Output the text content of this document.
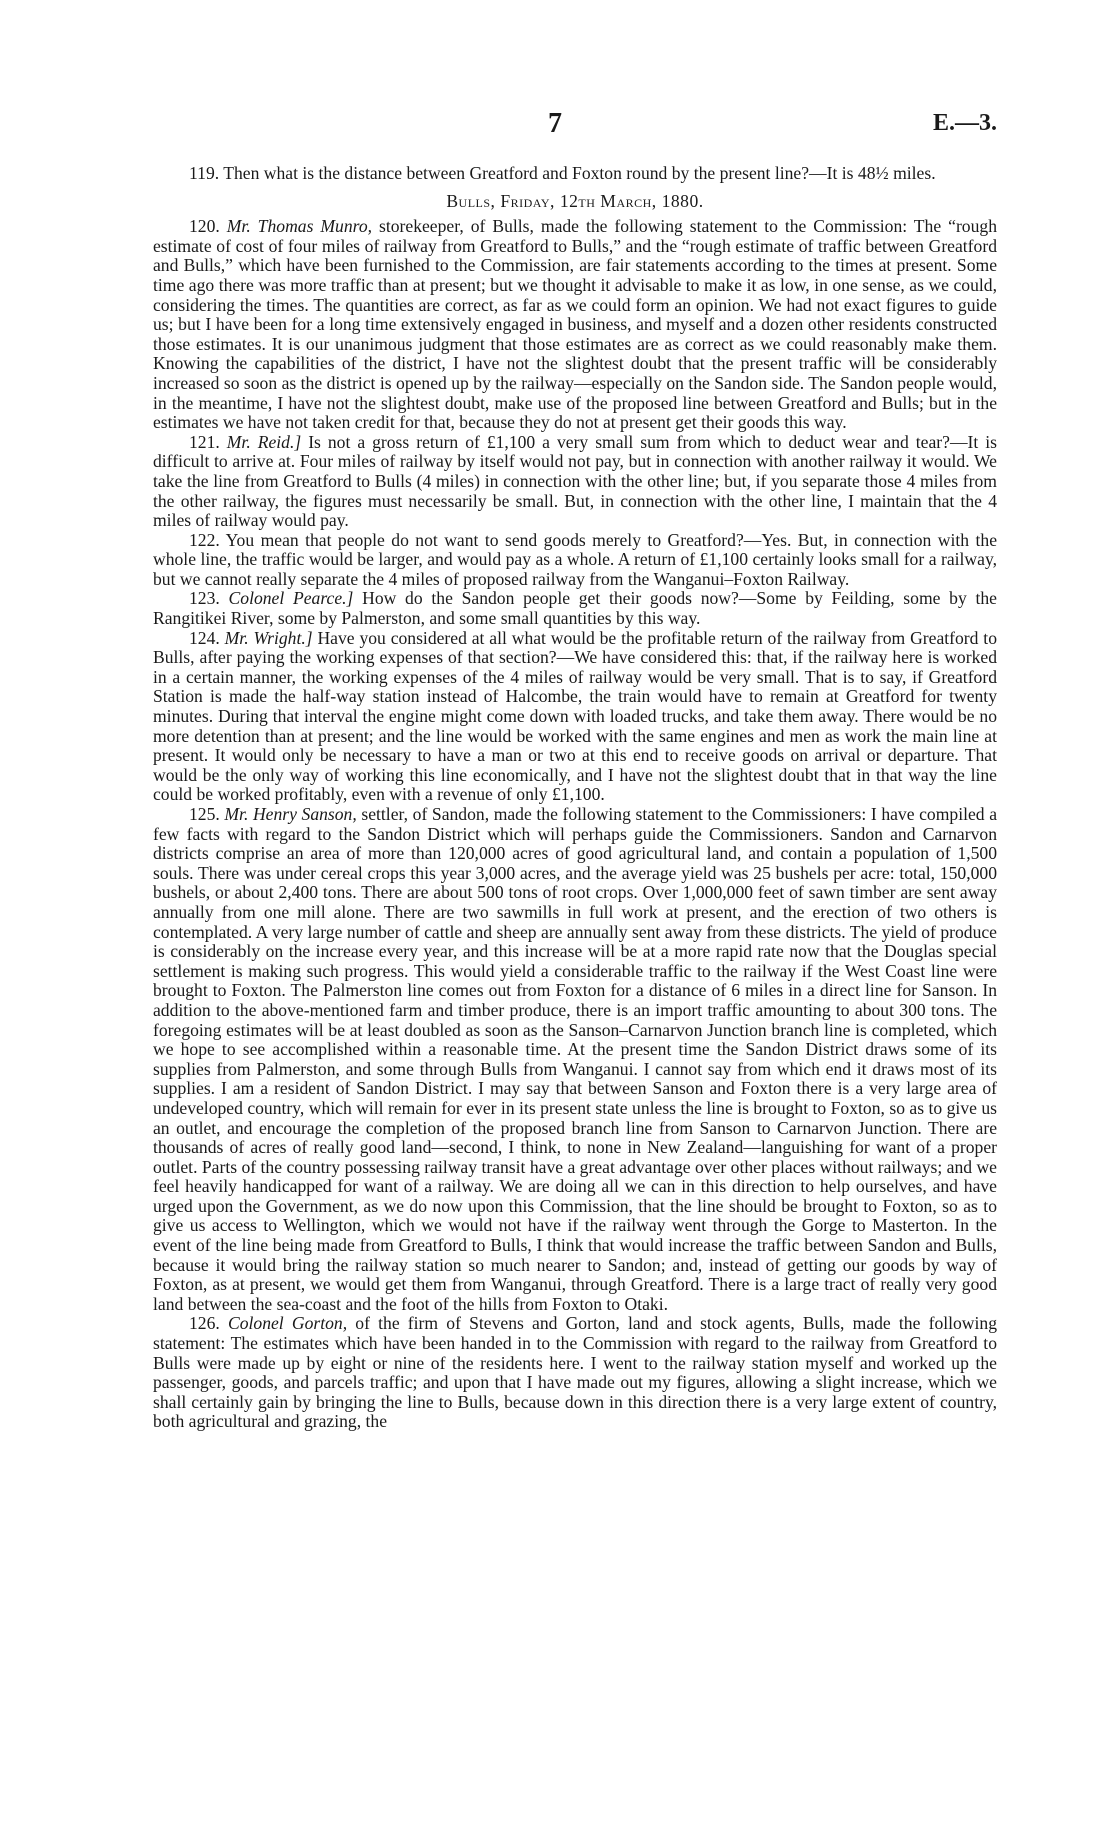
7	E.—3.

119. Then what is the distance between Greatford and Foxton round by the present line?—It is 48½ miles.

Bulls, Friday, 12th March, 1880.

120. Mr. Thomas Munro, storekeeper, of Bulls, made the following statement to the Commission: The “rough estimate of cost of four miles of railway from Greatford to Bulls,” and the “rough estimate of traffic between Greatford and Bulls,” which have been furnished to the Commission, are fair statements according to the times at present. Some time ago there was more traffic than at present; but we thought it advisable to make it as low, in one sense, as we could, considering the times. The quantities are correct, as far as we could form an opinion. We had not exact figures to guide us; but I have been for a long time extensively engaged in business, and myself and a dozen other residents constructed those estimates. It is our unanimous judgment that those estimates are as correct as we could reasonably make them. Knowing the capabilities of the district, I have not the slightest doubt that the present traffic will be considerably increased so soon as the district is opened up by the railway—especially on the Sandon side. The Sandon people would, in the meantime, I have not the slightest doubt, make use of the proposed line between Greatford and Bulls; but in the estimates we have not taken credit for that, because they do not at present get their goods this way.

121. Mr. Reid.] Is not a gross return of £1,100 a very small sum from which to deduct wear and tear?—It is difficult to arrive at. Four miles of railway by itself would not pay, but in connection with another railway it would. We take the line from Greatford to Bulls (4 miles) in connection with the other line; but, if you separate those 4 miles from the other railway, the figures must necessarily be small. But, in connection with the other line, I maintain that the 4 miles of railway would pay.

122. You mean that people do not want to send goods merely to Greatford?—Yes. But, in connection with the whole line, the traffic would be larger, and would pay as a whole. A return of £1,100 certainly looks small for a railway, but we cannot really separate the 4 miles of proposed railway from the Wanganui–Foxton Railway.

123. Colonel Pearce.] How do the Sandon people get their goods now?—Some by Feilding, some by the Rangitikei River, some by Palmerston, and some small quantities by this way.

124. Mr. Wright.] Have you considered at all what would be the profitable return of the railway from Greatford to Bulls, after paying the working expenses of that section?—We have considered this: that, if the railway here is worked in a certain manner, the working expenses of the 4 miles of railway would be very small. That is to say, if Greatford Station is made the half-way station instead of Halcombe, the train would have to remain at Greatford for twenty minutes. During that interval the engine might come down with loaded trucks, and take them away. There would be no more detention than at present; and the line would be worked with the same engines and men as work the main line at present. It would only be necessary to have a man or two at this end to receive goods on arrival or departure. That would be the only way of working this line economically, and I have not the slightest doubt that in that way the line could be worked profitably, even with a revenue of only £1,100.

125. Mr. Henry Sanson, settler, of Sandon, made the following statement to the Commissioners: I have compiled a few facts with regard to the Sandon District which will perhaps guide the Commissioners. Sandon and Carnarvon districts comprise an area of more than 120,000 acres of good agricultural land, and contain a population of 1,500 souls. There was under cereal crops this year 3,000 acres, and the average yield was 25 bushels per acre: total, 150,000 bushels, or about 2,400 tons. There are about 500 tons of root crops. Over 1,000,000 feet of sawn timber are sent away annually from one mill alone. There are two sawmills in full work at present, and the erection of two others is contemplated. A very large number of cattle and sheep are annually sent away from these districts. The yield of produce is considerably on the increase every year, and this increase will be at a more rapid rate now that the Douglas special settlement is making such progress. This would yield a considerable traffic to the railway if the West Coast line were brought to Foxton. The Palmerston line comes out from Foxton for a distance of 6 miles in a direct line for Sanson. In addition to the above-mentioned farm and timber produce, there is an import traffic amounting to about 300 tons. The foregoing estimates will be at least doubled as soon as the Sanson–Carnarvon Junction branch line is completed, which we hope to see accomplished within a reasonable time. At the present time the Sandon District draws some of its supplies from Palmerston, and some through Bulls from Wanganui. I cannot say from which end it draws most of its supplies. I am a resident of Sandon District. I may say that between Sanson and Foxton there is a very large area of undeveloped country, which will remain for ever in its present state unless the line is brought to Foxton, so as to give us an outlet, and encourage the completion of the proposed branch line from Sanson to Carnarvon Junction. There are thousands of acres of really good land—second, I think, to none in New Zealand—languishing for want of a proper outlet. Parts of the country possessing railway transit have a great advantage over other places without railways; and we feel heavily handicapped for want of a railway. We are doing all we can in this direction to help ourselves, and have urged upon the Government, as we do now upon this Commission, that the line should be brought to Foxton, so as to give us access to Wellington, which we would not have if the railway went through the Gorge to Masterton. In the event of the line being made from Greatford to Bulls, I think that would increase the traffic between Sandon and Bulls, because it would bring the railway station so much nearer to Sandon; and, instead of getting our goods by way of Foxton, as at present, we would get them from Wanganui, through Greatford. There is a large tract of really very good land between the sea-coast and the foot of the hills from Foxton to Otaki.

126. Colonel Gorton, of the firm of Stevens and Gorton, land and stock agents, Bulls, made the following statement: The estimates which have been handed in to the Commission with regard to the railway from Greatford to Bulls were made up by eight or nine of the residents here. I went to the railway station myself and worked up the passenger, goods, and parcels traffic; and upon that I have made out my figures, allowing a slight increase, which we shall certainly gain by bringing the line to Bulls, because down in this direction there is a very large extent of country, both agricultural and grazing, the
